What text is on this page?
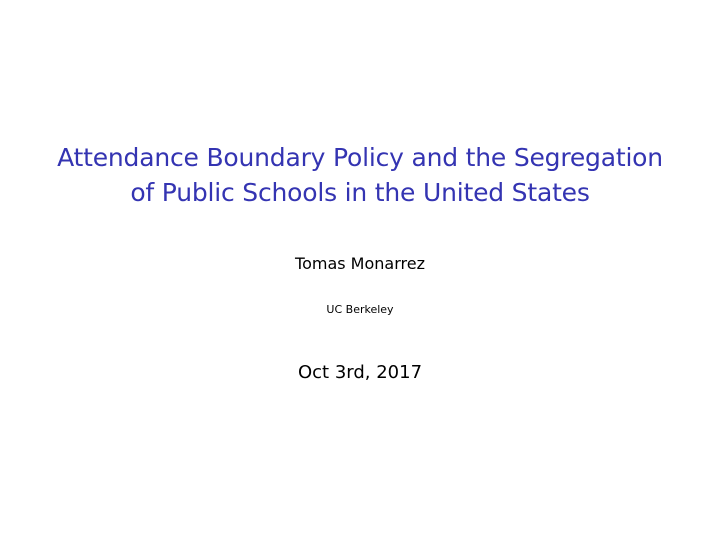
Attendance Boundary Policy and the Segregation
of Public Schools in the United States
Tomas Monarrez
UC Berkeley
Oct 3rd, 2017
